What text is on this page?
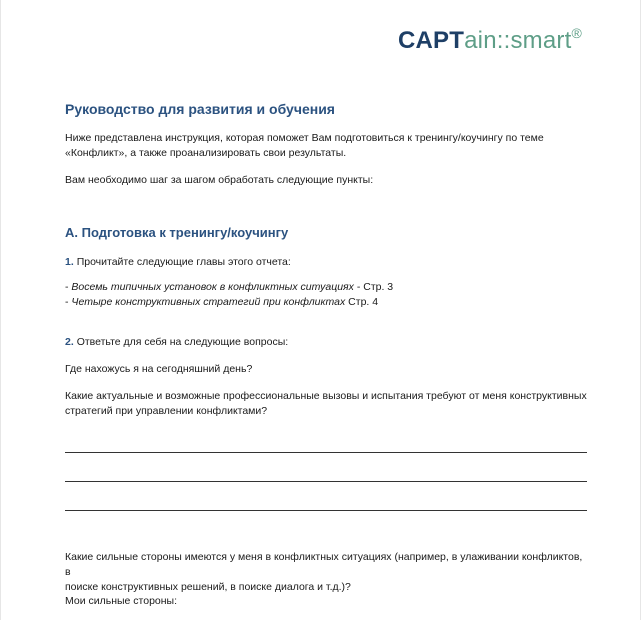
CAPTain::smart®
Руководство для развития и обучения

Ниже представлена инструкция, которая поможет Вам подготовиться к тренингу/коучингу по теме

«Конфликт», а также проанализировать свои результаты.

Вам необходимо шаг за шагом обработать следующие пункты:

A. Подготовка к тренингу/коучингу

1. Прочитайте следующие главы этого отчета:

- Восемь типичных установок в конфликтных ситуациях - Стр. 3

- Четыре конструктивных стратегий при конфликтах Стр. 4

2. Ответьте для себя на следующие вопросы:

Где нахожусь я на сегодняшний день?

Какие актуальные и возможные профессиональные вызовы и испытания требуют от меня конструктивных

стратегий при управлении конфликтами?

Какие сильные стороны имеются у меня в конфликтных ситуациях (например, в улаживании конфликтов, в

поиске конструктивных решений, в поиске диалога и т.д.)?

Мои сильные стороны:
